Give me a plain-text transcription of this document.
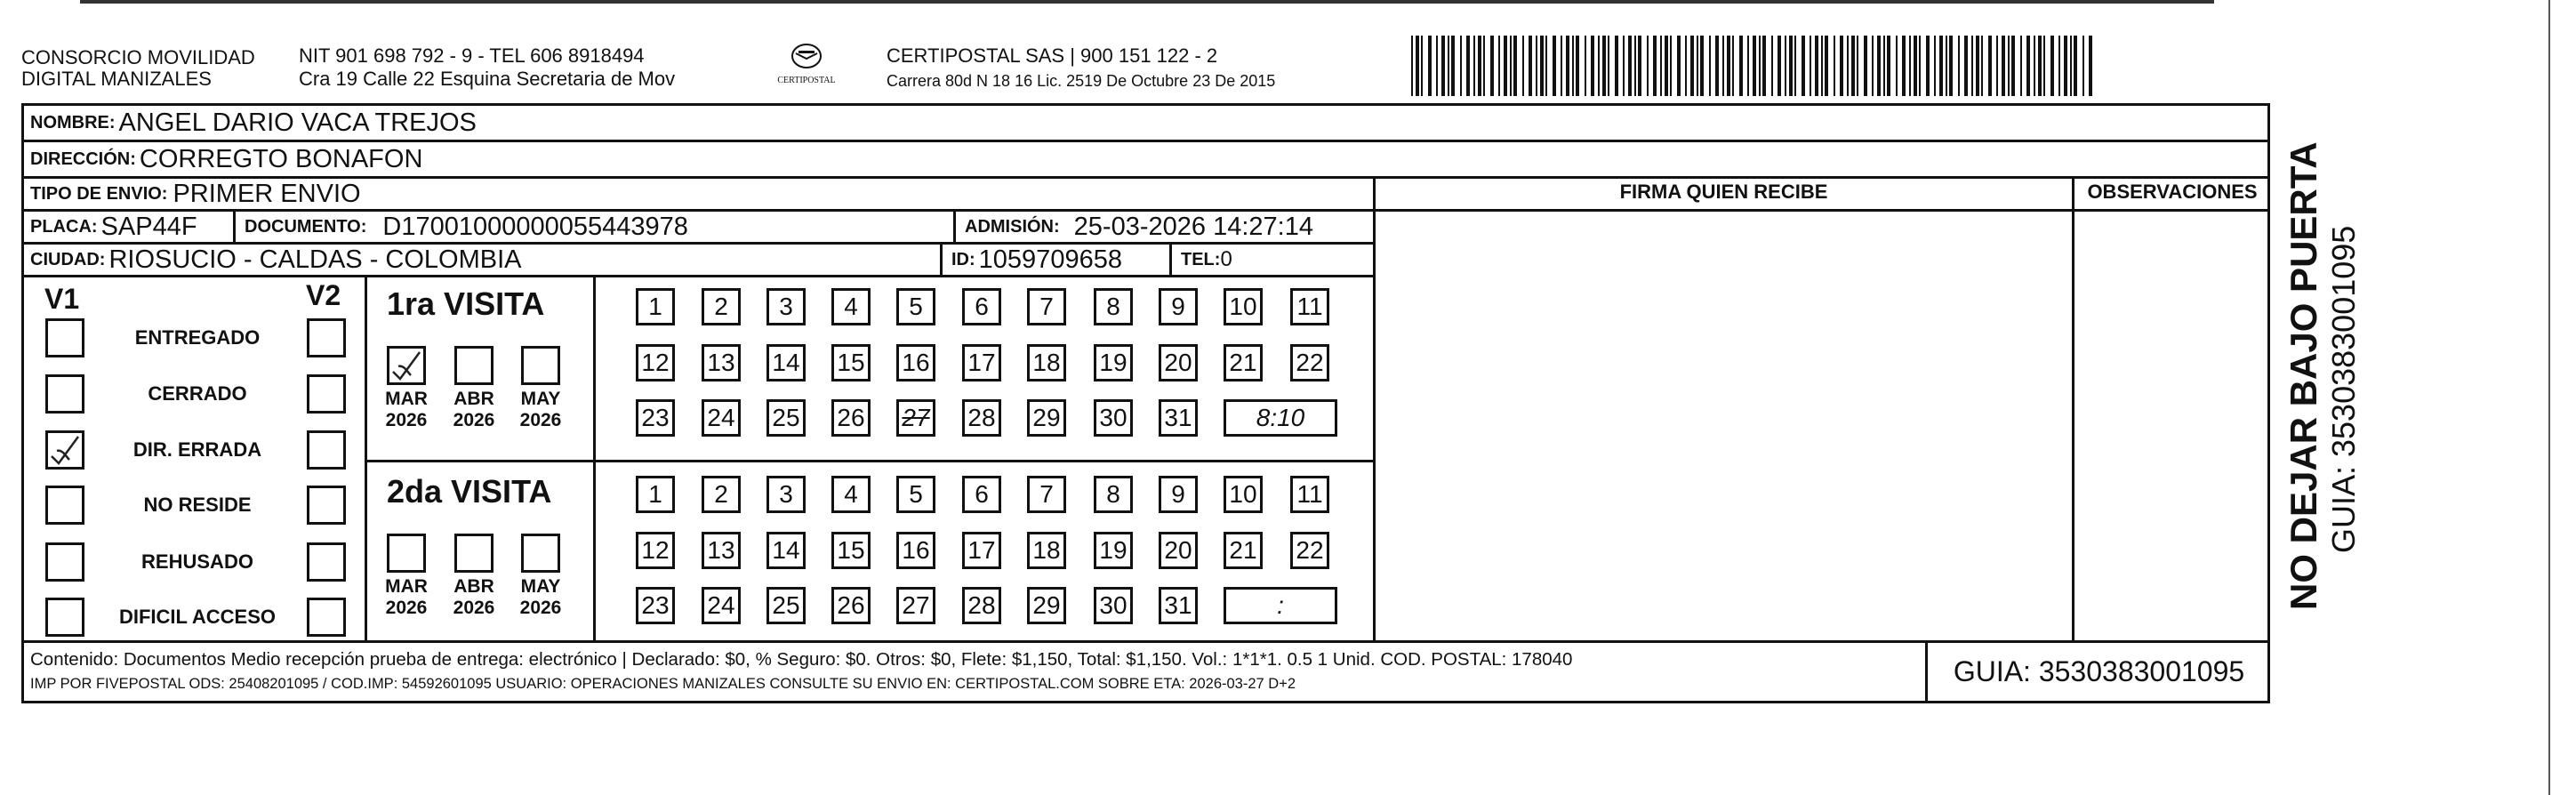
CONSORCIO MOVILIDAD
DIGITAL MANIZALES
NIT 901 698 792 - 9 - TEL 606 8918494
Cra 19 Calle 22 Esquina Secretaria de Mov	CERTIPOSTAL
CERTIPOSTAL SAS | 900 151 122 - 2
Carrera 80d N 18 16 Lic. 2519 De Octubre 23 De 2015
NOMBRE: ANGEL DARIO VACA TREJOS
DIRECCIÓN: CORREGTO BONAFON
TIPO DE ENVIO: PRIMER ENVIO
PLACA: SAP44F	DOCUMENTO: D17001000000055443978	ADMISIÓN: 25-03-2026 14:27:14
CIUDAD: RIOSUCIO - CALDAS - COLOMBIA	ID: 1059709658	TEL: 0
FIRMA QUIEN RECIBE	OBSERVACIONES
V1	V2
ENTREGADO
CERRADO
DIR. ERRADA
NO RESIDE
REHUSADO
DIFICIL ACCESO
1ra VISITA
MAR
2026
ABR
2026
MAY
2026
1 2 3 4 5 6 7 8 9 10 11
12 13 14 15 16 17 18 19 20 21 22
23 24 25 26 27 28 29 30 31	8:10
2da VISITA
MAR
2026
ABR
2026
MAY
2026
1 2 3 4 5 6 7 8 9 10 11
12 13 14 15 16 17 18 19 20 21 22
23 24 25 26 27 28 29 30 31	:
Contenido: Documentos Medio recepción prueba de entrega: electrónico | Declarado: $0, % Seguro: $0. Otros: $0, Flete: $1,150, Total: $1,150. Vol.: 1*1*1. 0.5 1 Unid. COD. POSTAL: 178040
IMP POR FIVEPOSTAL ODS: 25408201095 / COD.IMP: 54592601095 USUARIO: OPERACIONES MANIZALES CONSULTE SU ENVIO EN: CERTIPOSTAL.COM SOBRE ETA: 2026-03-27 D+2	GUIA: 3530383001095
NO DEJAR BAJO PUERTA GUIA: 3530383001095
